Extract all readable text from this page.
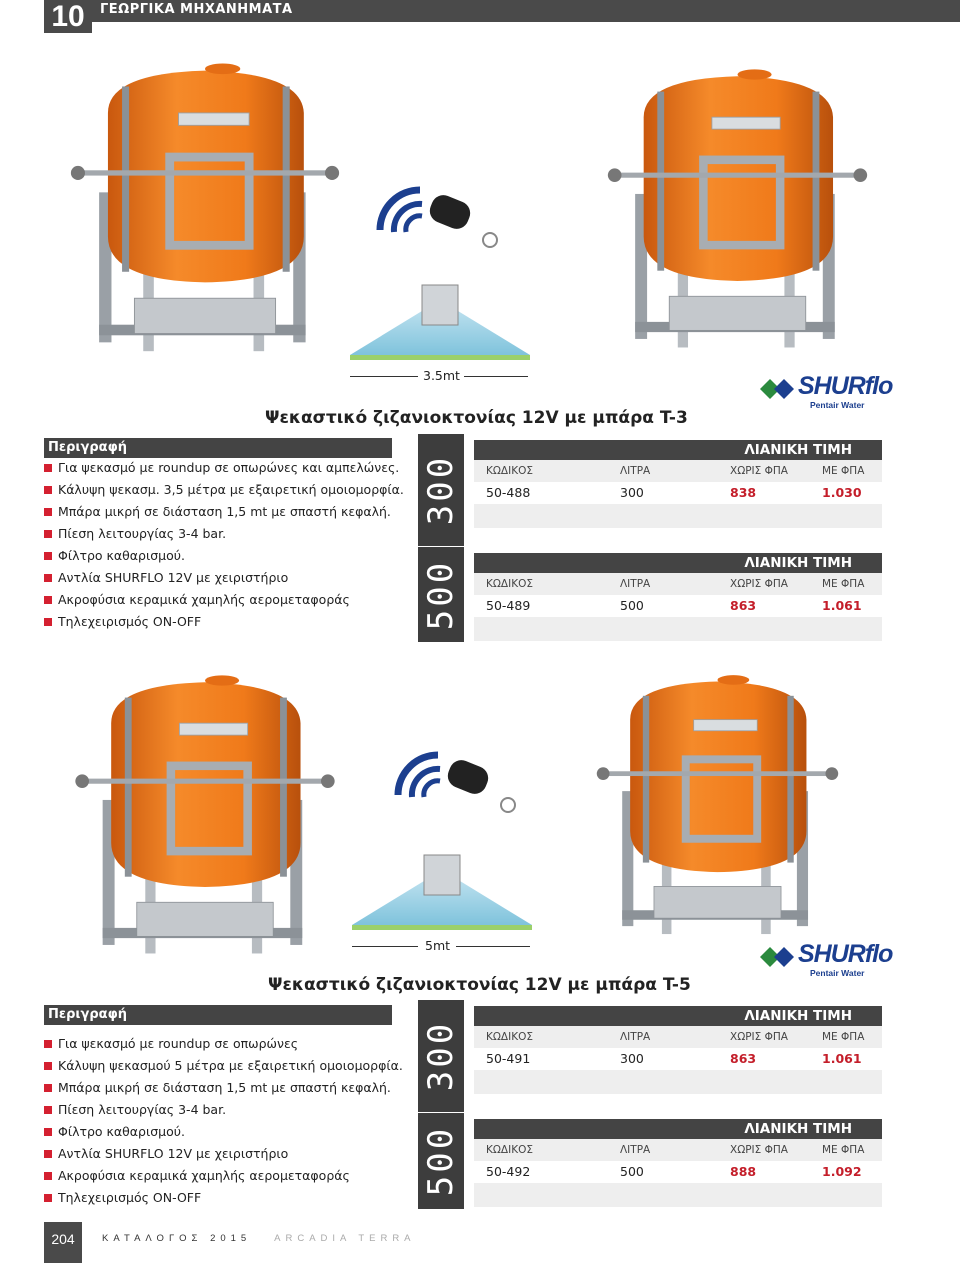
10	ΓΕΩΡΓΙΚΑ ΜΗΧΑΝΗΜΑΤΑ
3.5mt	SHURflo
Pentair Water
Ψεκαστικό ζιζανιοκτονίας 12V με μπάρα T-3
Περιγραφή
Για ψεκασμό με roundup σε οπωρώνες και αμπελώνες.
Κάλυψη ψεκασμ. 3,5 μέτρα με εξαιρετική ομοιομορφία.
Μπάρα μικρή σε διάσταση 1,5 mt με σπαστή κεφαλή.
Πίεση λειτουργίας 3-4 bar.
Φίλτρο καθαρισμού.
Αντλία SHURFLO 12V με χειριστήριο
Ακροφύσια κεραμικά χαμηλής αερομεταφοράς
Τηλεχειρισμός ON-OFF
300
500
ΛΙΑΝΙΚΗ ΤΙΜΗ
ΚΩΔΙΚΟΣ	ΛΙΤΡΑ	ΧΩΡΙΣ ΦΠΑ	ΜΕ ΦΠΑ
50-488	300	838	1.030
ΛΙΑΝΙΚΗ ΤΙΜΗ
ΚΩΔΙΚΟΣ	ΛΙΤΡΑ	ΧΩΡΙΣ ΦΠΑ	ΜΕ ΦΠΑ
50-489	500	863	1.061
5mt	SHURflo
Pentair Water
Ψεκαστικό ζιζανιοκτονίας 12V με μπάρα T-5
Περιγραφή
Για ψεκασμό με roundup σε οπωρώνες
Κάλυψη ψεκασμού 5 μέτρα με εξαιρετική ομοιομορφία.
Μπάρα μικρή σε διάσταση 1,5 mt με σπαστή κεφαλή.
Πίεση λειτουργίας 3-4 bar.
Φίλτρο καθαρισμού.
Αντλία SHURFLO 12V με χειριστήριο
Ακροφύσια κεραμικά χαμηλής αερομεταφοράς
Τηλεχειρισμός ON-OFF
300
500
ΛΙΑΝΙΚΗ ΤΙΜΗ
ΚΩΔΙΚΟΣ	ΛΙΤΡΑ	ΧΩΡΙΣ ΦΠΑ	ΜΕ ΦΠΑ
50-491	300	863	1.061
ΛΙΑΝΙΚΗ ΤΙΜΗ
ΚΩΔΙΚΟΣ	ΛΙΤΡΑ	ΧΩΡΙΣ ΦΠΑ	ΜΕ ΦΠΑ
50-492	500	888	1.092
204	ΚΑΤΑΛΟΓΟΣ 2015 ARCADIA TERRA
